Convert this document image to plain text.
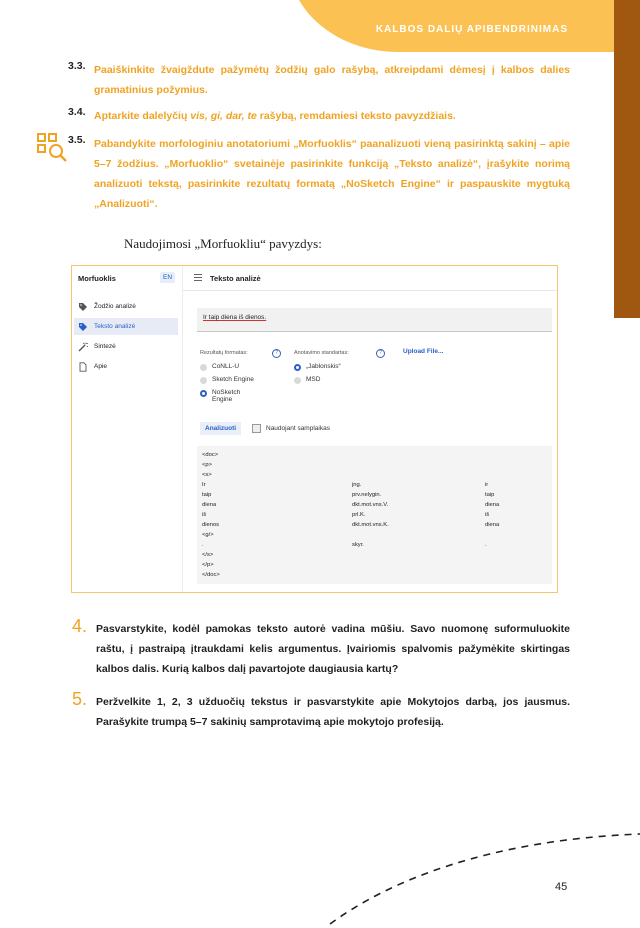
KALBOS DALIŲ APIBENDRINIMAS
3.3. Paaiškinkite žvaigždute pažymėtų žodžių galo rašybą, atkreipdami dėmesį į kalbos dalies gramatinius požymius.
3.4. Aptarkite dalelyčių vis, gi, dar, te rašybą, remdamiesi teksto pavyzdžiais.
3.5. Pabandykite morfologiniu anotatoriumi „Morfuoklis“ paanalizuoti vieną pasirinktą sakinį – apie 5–7 žodžius. „Morfuoklio“ svetainėje pasirinkite funkciją „Teksto analizė“, įrašykite norimą analizuoti tekstą, pasirinkite rezultatų formatą „NoSketch Engine“ ir paspauskite mygtuką „Analizuoti“.
Naudojimosi „Morfuokliu“ pavyzdys:
Morfuoklis	EN
Žodžio analizė
Teksto analizė
Sintezė
Apie
Teksto analizė
Ir taip diena iš dienos.
Rezultatų formatas:	?	Anotavimo standartas:	?	Upload File...
CoNLL-U
Sketch Engine
NoSketch Engine
„Jablonskis“
MSD
Analizuoti	Naudojant samplaikas
<doc>
<p>
<s>
Ir	jng.	ir
taip	prv.nelygin.	taip
diena	dkt.mot.vns.V.	diena
iš	prl.K.	iš
dienos	dkt.mot.vns.K.	diena
<g/>
.	skyr.	.
</s>
</p>
</doc>
4. Pasvarstykite, kodėl pamokas teksto autorė vadina mūšiu. Savo nuomonę suformuluokite raštu, į pastraipą įtraukdami kelis argumentus. Įvairiomis spalvomis pažymėkite skirtingas kalbos dalis. Kurią kalbos dalį pavartojote daugiausia kartų?
5. Peržvelkite 1, 2, 3 užduočių tekstus ir pasvarstykite apie Mokytojos darbą, jos jausmus. Parašykite trumpą 5–7 sakinių samprotavimą apie mokytojo profesiją.
45
